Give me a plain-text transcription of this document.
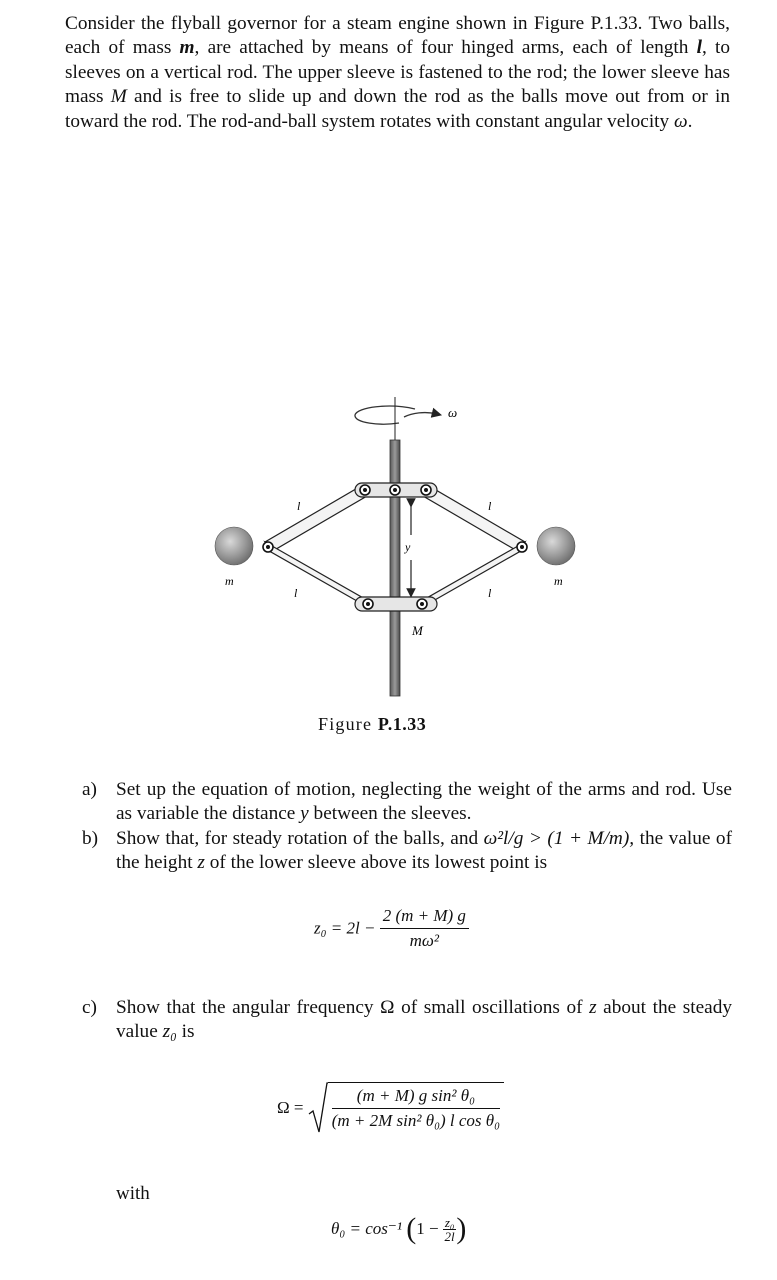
Consider the flyball governor for a steam engine shown in Figure P.1.33. Two balls, each of mass m, are attached by means of four hinged arms, each of length l, to sleeves on a vertical rod. The upper sleeve is fastened to the rod; the lower sleeve has mass M and is free to slide up and down the rod as the balls move out from or in toward the rod. The rod-and-ball system rotates with constant angular velocity ω.
ω
y
M
l	l
l	l
m	m
Figure P.1.33
a) Set up the equation of motion, neglecting the weight of the arms and rod. Use as variable the distance y between the sleeves.
b) Show that, for steady rotation of the balls, and ω²l/g > (1 + M/m), the value of the height z of the lower sleeve above its lowest point is
$z_0 = 2l - \frac{2 (m + M) g}{\text{mω²}}$
c) Show that the angular frequency Ω of small oscillations of z about the steady value z₀ is
$\Omega = \frac{\text{(m + M) g sin² θ₀}}{\text{(m + 2M sin² θ₀) l cos θ₀}}$
with
θ₀ = cos⁻¹ ($1 - \frac{\text{z₀}}{2l}$ )
